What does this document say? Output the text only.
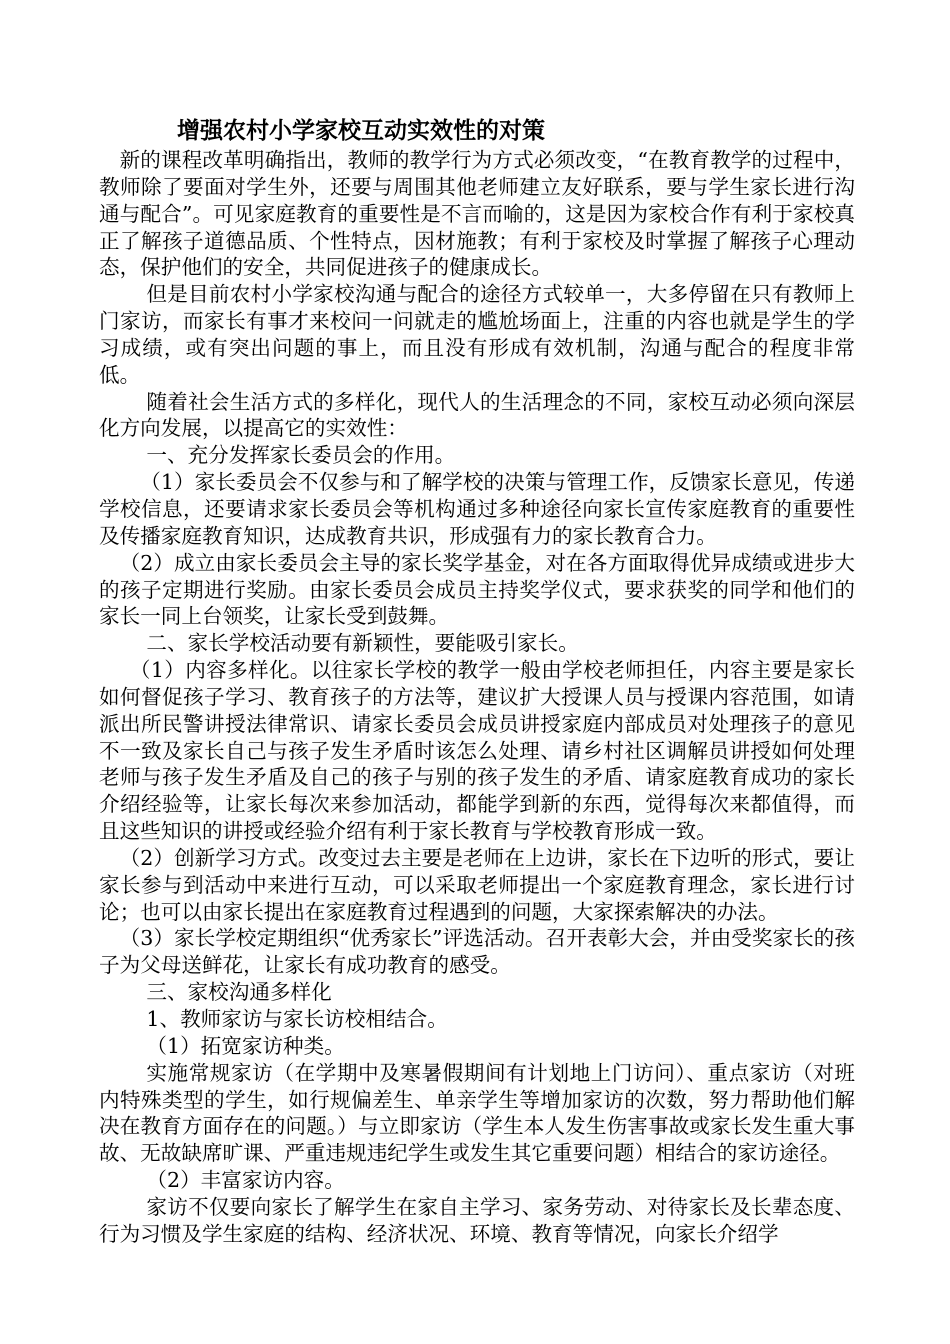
增强农村小学家校互动实效性的对策

新的课程改革明确指出，教师的教学行为方式必须改变，“在教育教学的过程中，教师除了要面对学生外，还要与周围其他老师建立友好联系，要与学生家长进行沟通与配合”。可见家庭教育的重要性是不言而喻的，这是因为家校合作有利于家校真正了解孩子道德品质、个性特点，因材施教；有利于家校及时掌握了解孩子心理动态，保护他们的安全，共同促进孩子的健康成长。

但是目前农村小学家校沟通与配合的途径方式较单一，大多停留在只有教师上门家访，而家长有事才来校问一问就走的尴尬场面上，注重的内容也就是学生的学习成绩，或有突出问题的事上，而且没有形成有效机制，沟通与配合的程度非常低。

随着社会生活方式的多样化，现代人的生活理念的不同，家校互动必须向深层化方向发展，以提高它的实效性：

一、充分发挥家长委员会的作用。

（1）家长委员会不仅参与和了解学校的决策与管理工作，反馈家长意见，传递学校信息，还要请求家长委员会等机构通过多种途径向家长宣传家庭教育的重要性及传播家庭教育知识，达成教育共识，形成强有力的家长教育合力。

（2）成立由家长委员会主导的家长奖学基金，对在各方面取得优异成绩或进步大的孩子定期进行奖励。由家长委员会成员主持奖学仪式，要求获奖的同学和他们的家长一同上台领奖，让家长受到鼓舞。

二、家长学校活动要有新颖性，要能吸引家长。

（1）内容多样化。以往家长学校的教学一般由学校老师担任，内容主要是家长如何督促孩子学习、教育孩子的方法等，建议扩大授课人员与授课内容范围，如请派出所民警讲授法律常识、请家长委员会成员讲授家庭内部成员对处理孩子的意见不一致及家长自己与孩子发生矛盾时该怎么处理、请乡村社区调解员讲授如何处理老师与孩子发生矛盾及自己的孩子与别的孩子发生的矛盾、请家庭教育成功的家长介绍经验等，让家长每次来参加活动，都能学到新的东西，觉得每次来都值得，而且这些知识的讲授或经验介绍有利于家长教育与学校教育形成一致。

（2）创新学习方式。改变过去主要是老师在上边讲，家长在下边听的形式，要让家长参与到活动中来进行互动，可以采取老师提出一个家庭教育理念，家长进行讨论；也可以由家长提出在家庭教育过程遇到的问题，大家探索解决的办法。

（3）家长学校定期组织“优秀家长”评选活动。召开表彰大会，并由受奖家长的孩子为父母送鲜花，让家长有成功教育的感受。

三、家校沟通多样化

1、教师家访与家长访校相结合。

（1）拓宽家访种类。

实施常规家访（在学期中及寒暑假期间有计划地上门访问）、重点家访（对班内特殊类型的学生，如行规偏差生、单亲学生等增加家访的次数，努力帮助他们解决在教育方面存在的问题。）与立即家访（学生本人发生伤害事故或家长发生重大事故、无故缺席旷课、严重违规违纪学生或发生其它重要问题）相结合的家访途径。

（2）丰富家访内容。

家访不仅要向家长了解学生在家自主学习、家务劳动、对待家长及长辈态度、行为习惯及学生家庭的结构、经济状况、环境、教育等情况，向家长介绍学
